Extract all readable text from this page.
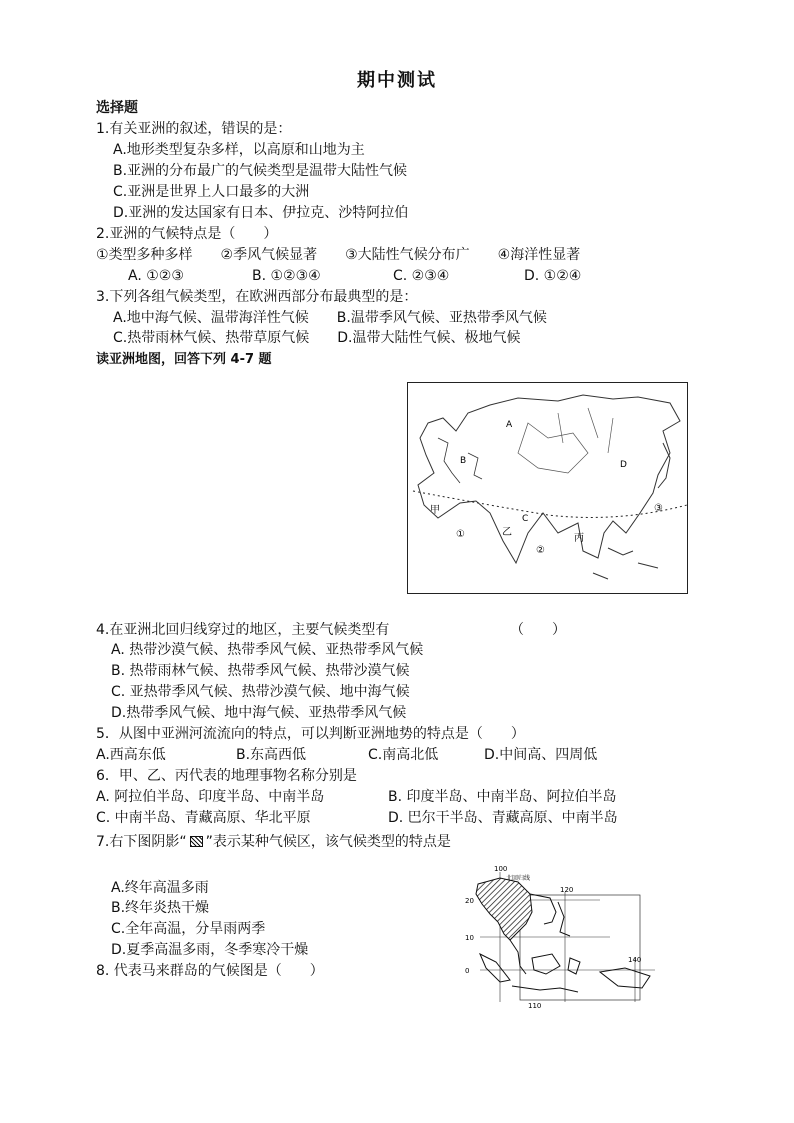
期中测试
选择题
1.有关亚洲的叙述，错误的是：
A.地形类型复杂多样，以高原和山地为主
B.亚洲的分布最广的气候类型是温带大陆性气候
C.亚洲是世界上人口最多的大洲
D.亚洲的发达国家有日本、伊拉克、沙特阿拉伯
2.亚洲的气候特点是（　　）
①类型多种多样　　②季风气候显著　　③大陆性气候分布广　　④海洋性显著
A. ①②③	B. ①②③④	C. ②③④	D. ①②④
3.下列各组气候类型，在欧洲西部分布最典型的是：
A.地中海气候、温带海洋性气候　　B.温带季风气候、亚热带季风气候
C.热带雨林气候、热带草原气候　　D.温带大陆性气候、极地气候
读亚洲地图，回答下列 4-7 题
A
B
C
D
甲
乙
丙
①
②
③
4.在亚洲北回归线穿过的地区，主要气候类型有	（　　）
A. 热带沙漠气候、热带季风气候、亚热带季风气候
B. 热带雨林气候、热带季风气候、热带沙漠气候
C. 亚热带季风气候、热带沙漠气候、地中海气候
D.热带季风气候、地中海气候、亚热带季风气候
5．从图中亚洲河流流向的特点，可以判断亚洲地势的特点是（　　）
A.西高东低	B.东高西低	C.南高北低	D.中间高、四周低
6．甲、乙、丙代表的地理事物名称分别是
A. 阿拉伯半岛、印度半岛、中南半岛	B. 印度半岛、中南半岛、阿拉伯半岛
C. 中南半岛、青藏高原、华北平原	D. 巴尔干半岛、青藏高原、中南半岛
7.右下图阴影“ ”表示某种气候区，该气候类型的特点是
A.终年高温多雨
B.终年炎热干燥
C.全年高温，分旱雨两季
D.夏季高温多雨，冬季寒冷干燥
8. 代表马来群岛的气候图是（　　）
100
120
140
20
10
0
110
北回归线
